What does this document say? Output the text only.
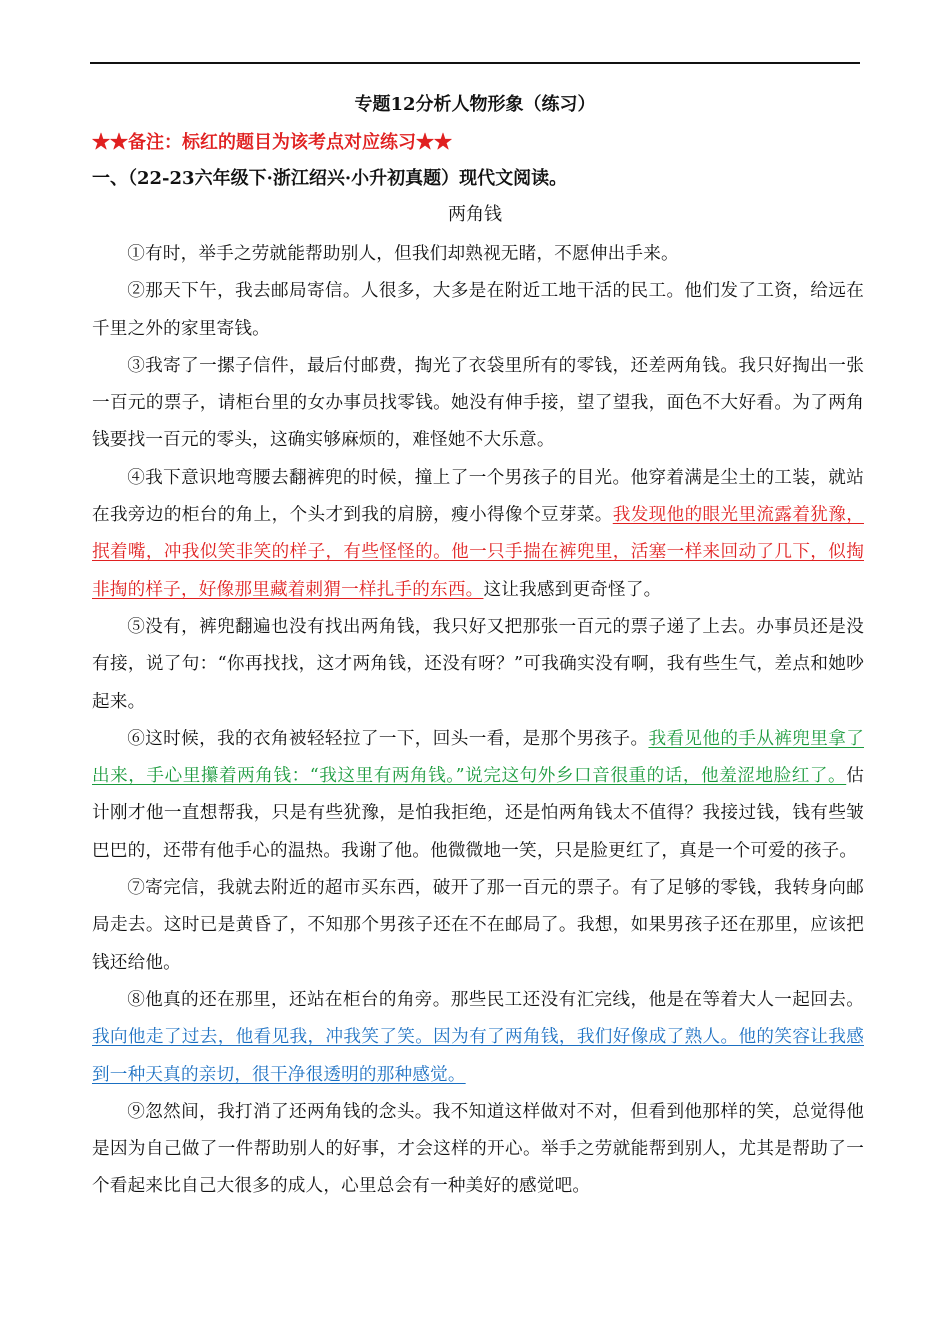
专题12分析人物形象（练习）
★★备注：标红的题目为该考点对应练习★★
一、（22-23六年级下·浙江绍兴·小升初真题）现代文阅读。
两角钱

①有时，举手之劳就能帮助别人，但我们却熟视无睹，不愿伸出手来。

②那天下午，我去邮局寄信。人很多，大多是在附近工地干活的民工。他们发了工资，给远在千里之外的家里寄钱。

③我寄了一摞子信件，最后付邮费，掏光了衣袋里所有的零钱，还差两角钱。我只好掏出一张一百元的票子，请柜台里的女办事员找零钱。她没有伸手接，望了望我，面色不大好看。为了两角钱要找一百元的零头，这确实够麻烦的，难怪她不大乐意。

④我下意识地弯腰去翻裤兜的时候，撞上了一个男孩子的目光。他穿着满是尘土的工装，就站在我旁边的柜台的角上，个头才到我的肩膀，瘦小得像个豆芽菜。我发现他的眼光里流露着犹豫，抿着嘴，冲我似笑非笑的样子，有些怪怪的。他一只手揣在裤兜里，活塞一样来回动了几下，似掏非掏的样子，好像那里藏着刺猬一样扎手的东西。这让我感到更奇怪了。

⑤没有，裤兜翻遍也没有找出两角钱，我只好又把那张一百元的票子递了上去。办事员还是没有接，说了句：“你再找找，这才两角钱，还没有呀？”可我确实没有啊，我有些生气，差点和她吵起来。

⑥这时候，我的衣角被轻轻拉了一下，回头一看，是那个男孩子。我看见他的手从裤兜里拿了出来，手心里攥着两角钱：“我这里有两角钱。”说完这句外乡口音很重的话，他羞涩地脸红了。估计刚才他一直想帮我，只是有些犹豫，是怕我拒绝，还是怕两角钱太不值得？我接过钱，钱有些皱巴巴的，还带有他手心的温热。我谢了他。他微微地一笑，只是脸更红了，真是一个可爱的孩子。

⑦寄完信，我就去附近的超市买东西，破开了那一百元的票子。有了足够的零钱，我转身向邮局走去。这时已是黄昏了，不知那个男孩子还在不在邮局了。我想，如果男孩子还在那里，应该把钱还给他。

⑧他真的还在那里，还站在柜台的角旁。那些民工还没有汇完线，他是在等着大人一起回去。我向他走了过去，他看见我，冲我笑了笑。因为有了两角钱，我们好像成了熟人。他的笑容让我感到一种天真的亲切，很干净很透明的那种感觉。

⑨忽然间，我打消了还两角钱的念头。我不知道这样做对不对，但看到他那样的笑，总觉得他是因为自己做了一件帮助别人的好事，才会这样的开心。举手之劳就能帮到别人，尤其是帮助了一个看起来比自己大很多的成人，心里总会有一种美好的感觉吧。
